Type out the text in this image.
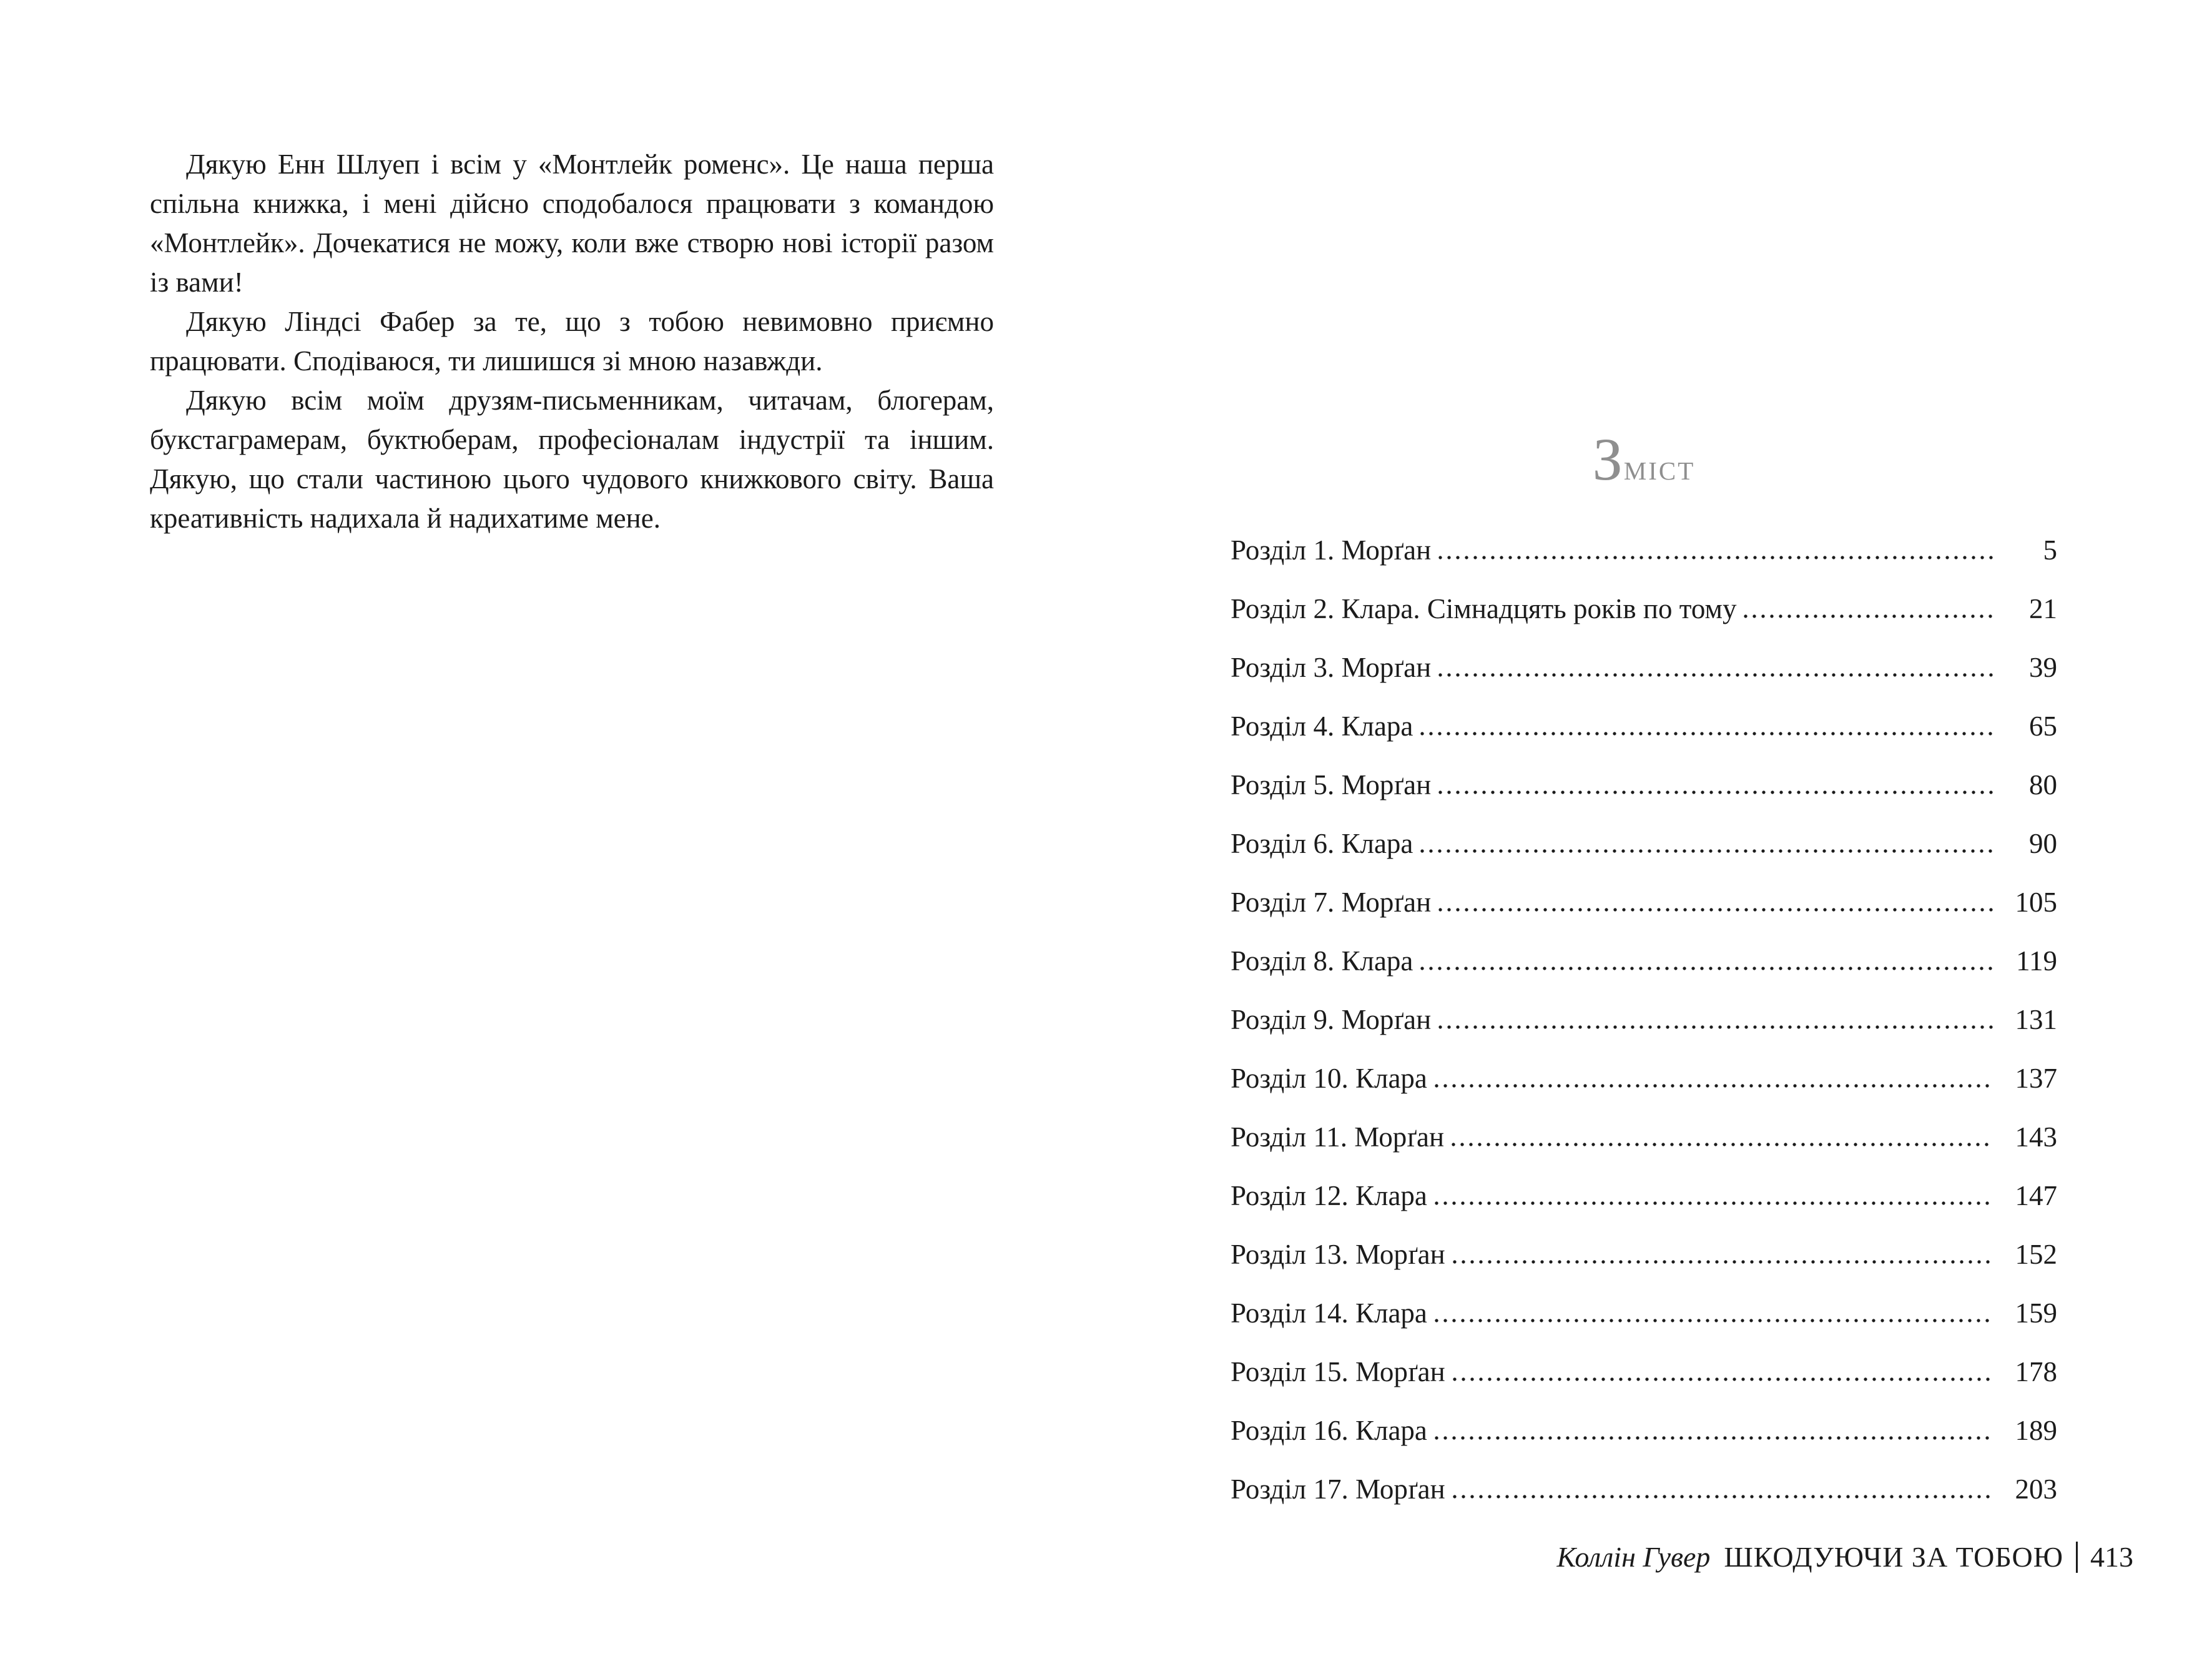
Дякую Енн Шлуеп і всім у «Монтлейк роменс». Це наша перша спільна книжка, і мені дійсно сподобалося працювати з командою «Монтлейк». Дочекатися не можу, коли вже створю нові історії разом із вами!

Дякую Ліндсі Фабер за те, що з тобою невимовно приємно працювати. Сподіваюся, ти лишишся зі мною назавжди.

Дякую всім моїм друзям-письменникам, читачам, блогерам, букстаграмерам, буктюберам, професіоналам індустрії та іншим. Дякую, що стали частиною цього чудового книжкового світу. Ваша креативність надихала й надихатиме мене.

Зміст
Розділ 1. Морґан	5
Розділ 2. Клара. Сімнадцять років по тому	21
Розділ 3. Морґан	39
Розділ 4. Клара	65
Розділ 5. Морґан	80
Розділ 6. Клара	90
Розділ 7. Морґан	105
Розділ 8. Клара	119
Розділ 9. Морґан	131
Розділ 10. Клара	137
Розділ 11. Морґан	143
Розділ 12. Клара	147
Розділ 13. Морґан	152
Розділ 14. Клара	159
Розділ 15. Морґан	178
Розділ 16. Клара	189
Розділ 17. Морґан	203
Коллін Гувер ШКОДУЮЧИ ЗА ТОБОЮ 413
